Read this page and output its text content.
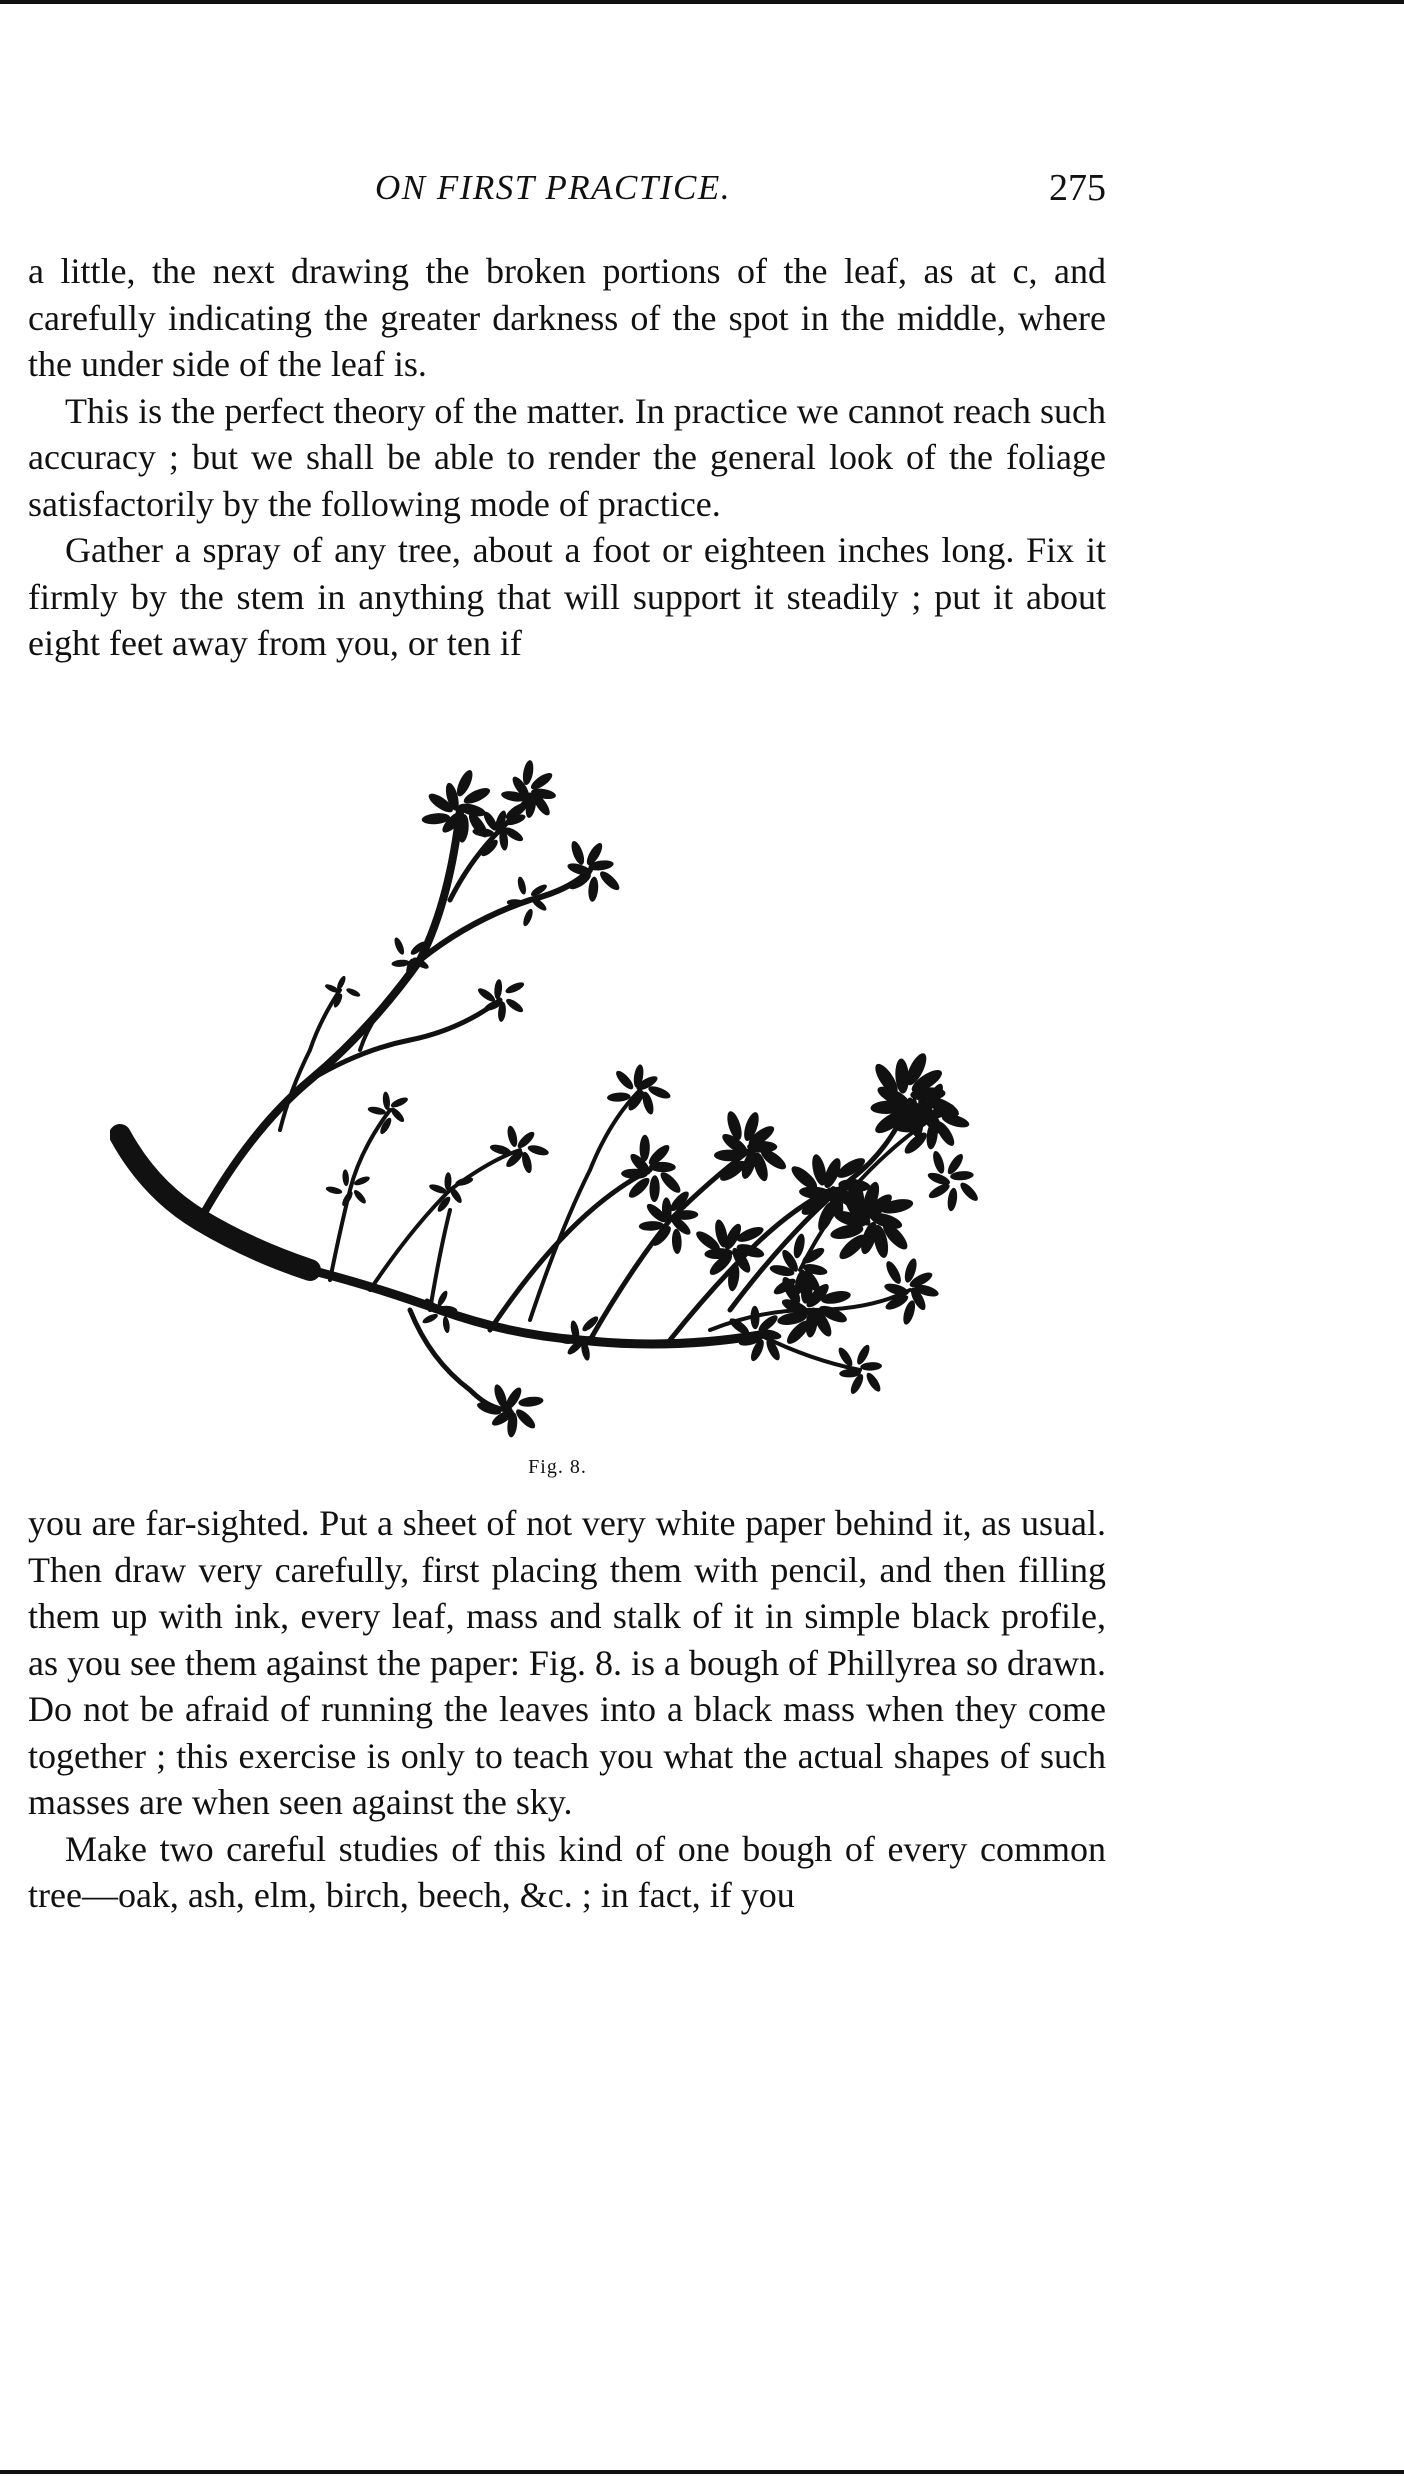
ON FIRST PRACTICE.	275

a little, the next drawing the broken portions of the leaf, as at c, and carefully indicating the greater darkness of the spot in the middle, where the under side of the leaf is.

This is the perfect theory of the matter. In practice we cannot reach such accuracy ; but we shall be able to render the general look of the foliage satisfactorily by the following mode of practice.

Gather a spray of any tree, about a foot or eighteen inches long. Fix it firmly by the stem in anything that will support it steadily ; put it about eight feet away from you, or ten if

Fig. 8.

you are far-sighted. Put a sheet of not very white paper behind it, as usual. Then draw very carefully, first placing them with pencil, and then filling them up with ink, every leaf, mass and stalk of it in simple black profile, as you see them against the paper: Fig. 8. is a bough of Phillyrea so drawn. Do not be afraid of running the leaves into a black mass when they come together ; this exercise is only to teach you what the actual shapes of such masses are when seen against the sky.

Make two careful studies of this kind of one bough of every common tree—oak, ash, elm, birch, beech, &c. ; in fact, if you
